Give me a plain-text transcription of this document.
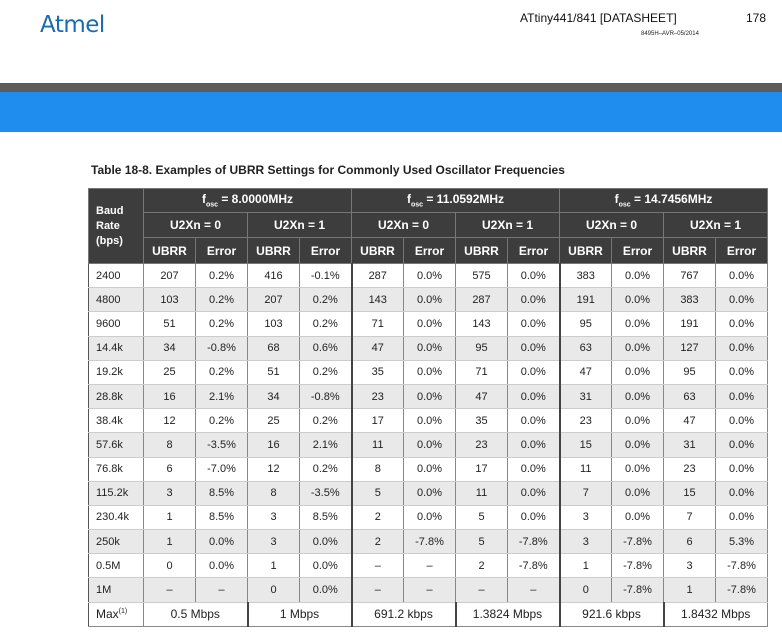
Atmel	ATtiny441/841 [DATASHEET]	178
8495H–AVR–05/2014
Table 18-8. Examples of UBRR Settings for Commonly Used Oscillator Frequencies
Baud
Rate
(bps)	$f_{osc} = 8.0000MHz$				$f_{osc} = 11.0592MHz$				$f_{osc} = 14.7456MHz$			
	U2Xn = 0		U2Xn = 1		U2Xn = 0		U2Xn = 1		U2Xn = 0		U2Xn = 1	
	UBRR	Error	UBRR	Error	UBRR	Error	UBRR	Error	UBRR	Error	UBRR	Error
2400	207	0.2%	416	-0.1%	287	0.0%	575	0.0%	383	0.0%	767	0.0%
4800	103	0.2%	207	0.2%	143	0.0%	287	0.0%	191	0.0%	383	0.0%
9600	51	0.2%	103	0.2%	71	0.0%	143	0.0%	95	0.0%	191	0.0%
14.4k	34	-0.8%	68	0.6%	47	0.0%	95	0.0%	63	0.0%	127	0.0%
19.2k	25	0.2%	51	0.2%	35	0.0%	71	0.0%	47	0.0%	95	0.0%
28.8k	16	2.1%	34	-0.8%	23	0.0%	47	0.0%	31	0.0%	63	0.0%
38.4k	12	0.2%	25	0.2%	17	0.0%	35	0.0%	23	0.0%	47	0.0%
57.6k	8	-3.5%	16	2.1%	11	0.0%	23	0.0%	15	0.0%	31	0.0%
76.8k	6	-7.0%	12	0.2%	8	0.0%	17	0.0%	11	0.0%	23	0.0%
115.2k	3	8.5%	8	-3.5%	5	0.0%	11	0.0%	7	0.0%	15	0.0%
230.4k	1	8.5%	3	8.5%	2	0.0%	5	0.0%	3	0.0%	7	0.0%
250k	1	0.0%	3	0.0%	2	-7.8%	5	-7.8%	3	-7.8%	6	5.3%
0.5M	0	0.0%	1	0.0%	–	–	2	-7.8%	1	-7.8%	3	-7.8%
1M	–	–	0	0.0%	–	–	–	–	0	-7.8%	1	-7.8%
Max$^{(1)}$	0.5 Mbps		1 Mbps		691.2 kbps		1.3824 Mbps		921.6 kbps		1.8432 Mbps	
